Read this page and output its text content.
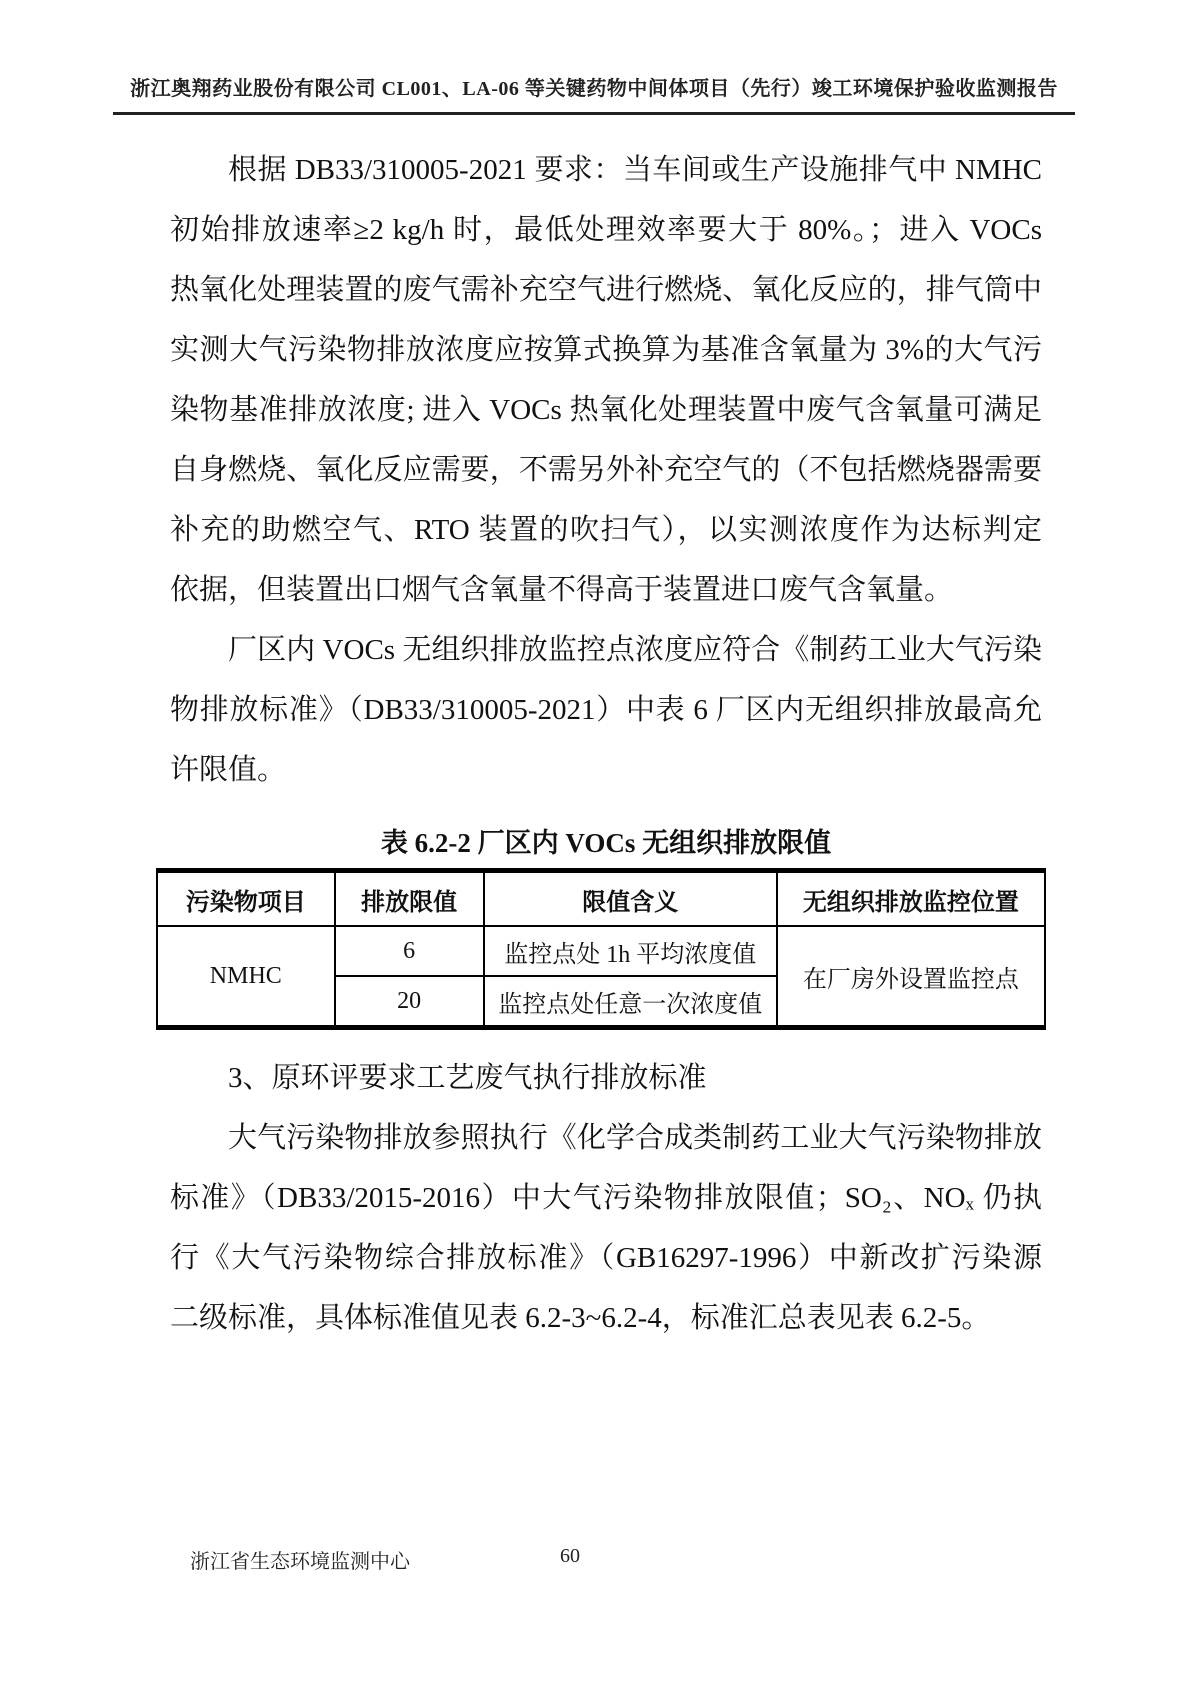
浙江奥翔药业股份有限公司 CL001、LA-06 等关键药物中间体项目（先行）竣工环境保护验收监测报告
根据 DB33/310005-2021 要求：当车间或生产设施排气中 NMHC
初始排放速率≥2 kg/h 时，最低处理效率要大于 80%。；进入 VOCs
热氧化处理装置的废气需补充空气进行燃烧、氧化反应的，排气筒中
实测大气污染物排放浓度应按算式换算为基准含氧量为 3%的大气污
染物基准排放浓度; 进入 VOCs 热氧化处理装置中废气含氧量可满足
自身燃烧、氧化反应需要，不需另外补充空气的（不包括燃烧器需要
补充的助燃空气、RTO 装置的吹扫气），以实测浓度作为达标判定
依据，但装置出口烟气含氧量不得高于装置进口废气含氧量。
厂区内 VOCs 无组织排放监控点浓度应符合《制药工业大气污染
物排放标准》（DB33/310005-2021）中表 6 厂区内无组织排放最高允
许限值。
表 6.2-2 厂区内 VOCs 无组织排放限值
污染物项目	排放限值	限值含义	无组织排放监控位置
NMHC	6	监控点处 1h 平均浓度值	在厂房外设置监控点
	20	监控点处任意一次浓度值	
3、原环评要求工艺废气执行排放标准
大气污染物排放参照执行《化学合成类制药工业大气污染物排放
标准》（DB33/2015-2016）中大气污染物排放限值；SO₂、NOₓ 仍执
行《大气污染物综合排放标准》（GB16297-1996）中新改扩污染源
二级标准，具体标准值见表 6.2-3~6.2-4，标准汇总表见表 6.2-5。
浙江省生态环境监测中心	60
